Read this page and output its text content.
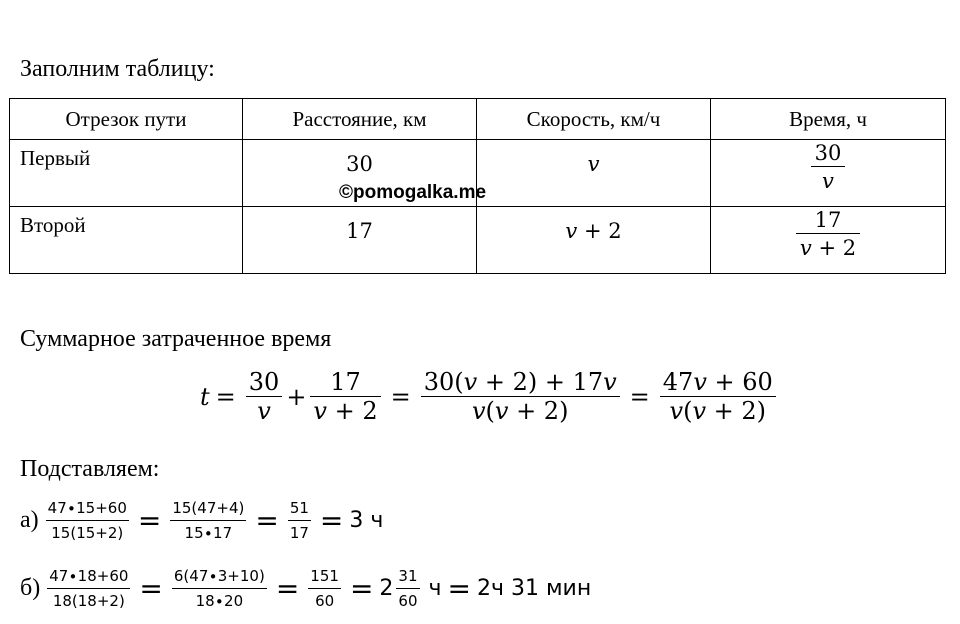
Заполним таблицу:
Отрезок пути	Расстояние, км	Скорость, км/ч	Время, ч

Первый	30	𝑣	$\frac{30}{\text{𝑣}}$

Второй	17	𝑣 + 2	$\frac{17}{\text{𝑣 + 2}}$
©pomogalka.me
Суммарное затраченное время
𝑡 =
30
𝑣
+
17
𝑣 + 2
=
30(𝑣 + 2) + 17𝑣
𝑣(𝑣 + 2)
=
47𝑣 + 60
𝑣(𝑣 + 2)
Подставляем:
а) 47∙15+60
15(15+2) = 15(47+4)
15∙17 = 51
17 = 3 ч
б) 47∙18+60
18(18+2) = 6(47∙3+10)
18∙20 = 151
60 = 2 31
60 ч = 2ч 31 мин
